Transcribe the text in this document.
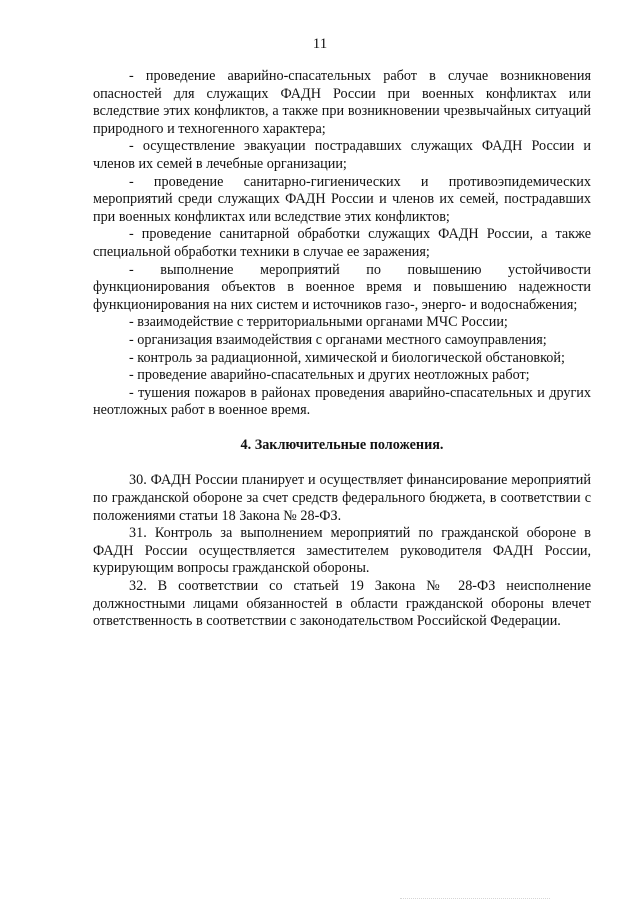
11

- проведение аварийно-спасательных работ в случае возникновения опасностей для служащих ФАДН России при военных конфликтах или вследствие этих конфликтов, а также при возникновении чрезвычайных ситуаций природного и техногенного характера;

- осуществление эвакуации пострадавших служащих ФАДН России и членов их семей в лечебные организации;

- проведение санитарно-гигиенических и противоэпидемических мероприятий среди служащих ФАДН России и членов их семей, пострадавших при военных конфликтах или вследствие этих конфликтов;

- проведение санитарной обработки служащих ФАДН России, а также специальной обработки техники в случае ее заражения;

- выполнение мероприятий по повышению устойчивости функционирования объектов в военное время и повышению надежности функционирования на них систем и источников газо-, энерго- и водоснабжения;

- взаимодействие с территориальными органами МЧС России;

- организация взаимодействия с органами местного самоуправления;

- контроль за радиационной, химической и биологической обстановкой;

- проведение аварийно-спасательных и других неотложных работ;

- тушения пожаров в районах проведения аварийно-спасательных и других неотложных работ в военное время.

4. Заключительные положения.

30. ФАДН России планирует и осуществляет финансирование мероприятий по гражданской обороне за счет средств федерального бюджета, в соответствии с положениями статьи 18 Закона № 28-ФЗ.

31. Контроль за выполнением мероприятий по гражданской обороне в ФАДН России осуществляется заместителем руководителя ФАДН России, курирующим вопросы гражданской обороны.

32. В соответствии со статьей 19 Закона № 28-ФЗ неисполнение должностными лицами обязанностей в области гражданской обороны влечет ответственность в соответствии с законодательством Российской Федерации.
